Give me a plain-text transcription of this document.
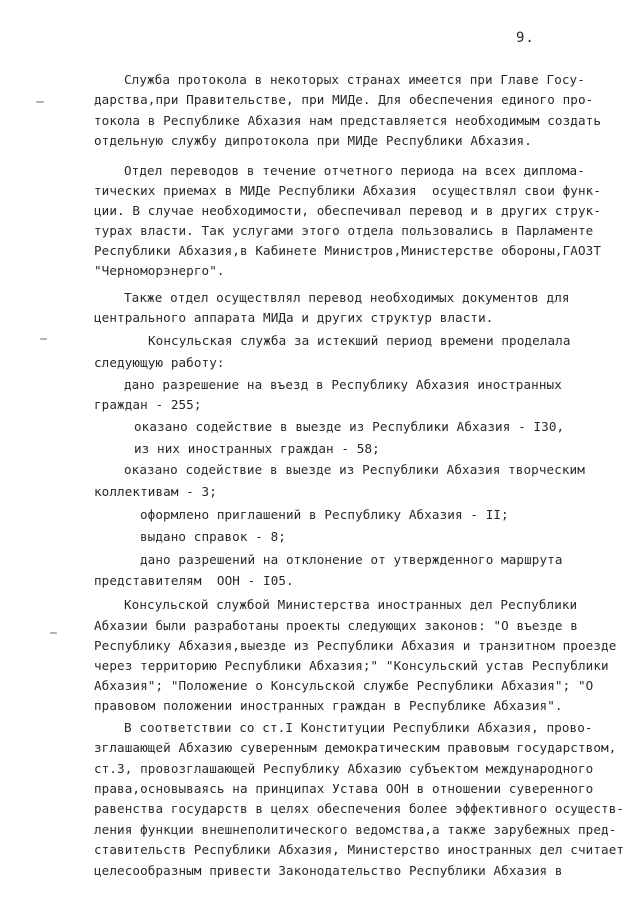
9.
Служба протокола в некоторых странах имеется при Главе Госу-
дарства,при Правительстве, при МИДе. Для обеспечения единого про-
токола в Республике Абхазия нам представляется необходимым создать
отдельную службу дипротокола при МИДе Республики Абхазия.
Отдел переводов в течение отчетного периода на всех диплома-
тических приемах в МИДе Республики Абхазия  осуществлял свои функ-
ции. В случае необходимости, обеспечивал перевод и в других струк-
турах власти. Так услугами этого отдела пользовались в Парламенте
Республики Абхазия,в Кабинете Министров,Министерстве обороны,ГАОЗТ
"Черноморэнерго".
Также отдел осуществлял перевод необходимых документов для
центрального аппарата МИДа и других структур власти.
Консульская служба за истекший период времени проделала
следующую работу:
дано разрешение на въезд в Республику Абхазия иностранных
граждан - 255;
оказано содействие в выезде из Республики Абхазия - I30,
из них иностранных граждан - 58;
оказано содействие в выезде из Республики Абхазия творческим
коллективам - 3;
оформлено приглашений в Республику Абхазия - II;
выдано справок - 8;
дано разрешений на отклонение от утвержденного маршрута
представителям  ООН - I05.
Консульской службой Министерства иностранных дел Республики
Абхазии были разработаны проекты следующих законов: "О въезде в
Республику Абхазия,выезде из Республики Абхазия и транзитном проезде
через территорию Республики Абхазия;" "Консульский устав Республики
Абхазия"; "Положение о Консульской службе Республики Абхазия"; "О
правовом положении иностранных граждан в Республике Абхазия".
В соответствии со ст.I Конституции Республики Абхазия, прово-
зглашающей Абхазию суверенным демократическим правовым государством,
ст.3, провозглашающей Республику Абхазию субъектом международного
права,основываясь на принципах Устава ООН в отношении суверенного
равенства государств в целях обеспечения более эффективного осуществ-
ления функции внешнеполитического ведомства,а также зарубежных пред-
ставительств Республики Абхазия, Министерство иностранных дел считает
целесообразным привести Законодательство Республики Абхазия в
